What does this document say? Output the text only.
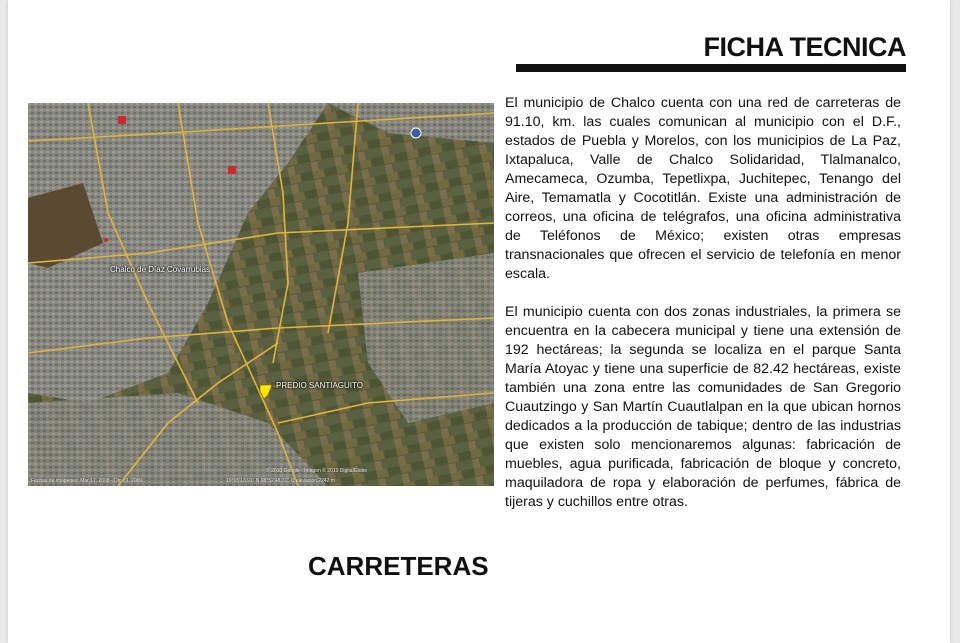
FICHA TECNICA
Chalco de Díaz Covarrubias
PREDIO SANTIAGUITO
Fechas de imágenes: Mar 17, 2008 - Dic 29, 2009
© 2010 Google · Imagen © 2010 DigitalGlobe
19°15'13.91" N 98°52'48.71" O elevación 2242 m

El municipio de Chalco cuenta con una red de carreteras de 91.10, km. las cuales comunican al municipio con el D.F., estados de Puebla y Morelos, con los municipios de La Paz, Ixtapaluca, Valle de Chalco Solidaridad, Tlalmanalco, Amecameca, Ozumba, Tepetlixpa, Juchitepec, Tenango del Aire, Temamatla y Cocotitlán. Existe una administración de correos, una oficina de telégrafos, una oficina administrativa de Teléfonos de México; existen otras empresas transnacionales que ofrecen el servicio de telefonía en menor escala.

El municipio cuenta con dos zonas industriales, la primera se encuentra en la cabecera municipal y tiene una extensión de 192 hectáreas; la segunda se localiza en el parque Santa María Atoyac y tiene una superficie de 82.42 hectáreas, existe también una zona entre las comunidades de San Gregorio Cuautzingo y San Martín Cuautlalpan en la que ubican hornos dedicados a la producción de tabique; dentro de las industrias que existen solo mencionaremos algunas: fabricación de muebles, agua purificada, fabricación de bloque y concreto, maquiladora de ropa y elaboración de perfumes, fábrica de tijeras y cuchillos entre otras.

CARRETERAS
